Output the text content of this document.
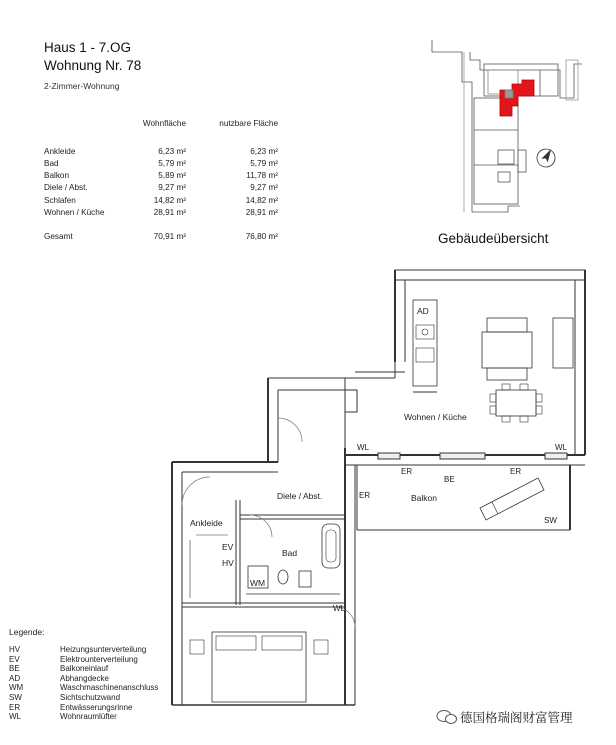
Haus 1 - 7.OG
Wohnung Nr. 78
2-Zimmer-Wohnung
	Wohnfläche	nutzbare Fläche

Ankleide	6,23 m²	6,23 m²
Bad	5,79 m²	5,79 m²
Balkon	5,89 m²	11,78 m²
Diele / Abst.	9,27 m²	9,27 m²
Schlafen	14,82 m²	14,82 m²
Wohnen / Küche	28,91 m²	28,91 m²

Gesamt	70,91 m²	76,80 m²	Gebäudeübersicht
AD
Wohnen / Küche
Diele / Abst.	Balkon
Ankleide
Bad
WM
EV
HV
WL	WL
WL
ER	ER
ER
BE
SW
Legende:
HV	Heizungsunterverteilung
EV	Elektrounterverteilung
BE	Balkoneinlauf
AD	Abhangdecke
WM	Waschmaschinenanschluss
SW	Sichtschutzwand
ER	Entwässerungsrinne
WL	Wohnraumlüfter	德国格瑞阁财富管理
